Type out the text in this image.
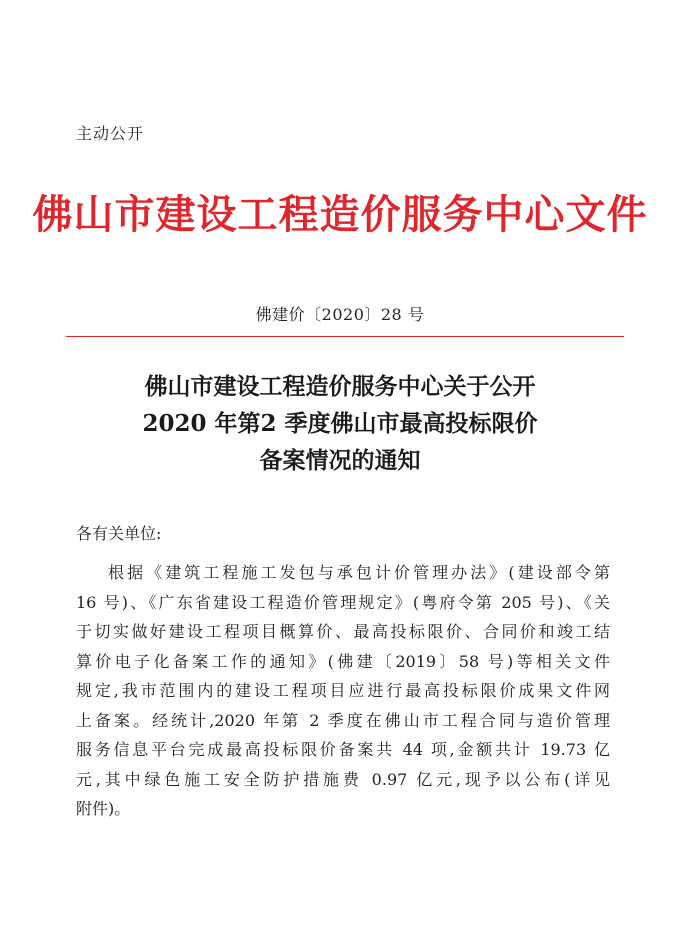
主动公开
佛山市建设工程造价服务中心文件
佛建价〔2020〕28 号
佛山市建设工程造价服务中心关于公开
2020 年第2 季度佛山市最高投标限价
备案情况的通知
各有关单位:
根据《建筑工程施工发包与承包计价管理办法》(建设部令第
16 号)、《广东省建设工程造价管理规定》(粤府令第 205 号)、《关
于切实做好建设工程项目概算价、最高投标限价、合同价和竣工结
算价电子化备案工作的通知》(佛建〔2019〕58 号)等相关文件
规定,我市范围内的建设工程项目应进行最高投标限价成果文件网
上备案。经统计,2020 年第 2 季度在佛山市工程合同与造价管理
服务信息平台完成最高投标限价备案共 44 项,金额共计 19.73 亿
元,其中绿色施工安全防护措施费 0.97 亿元,现予以公布(详见
附件)。
